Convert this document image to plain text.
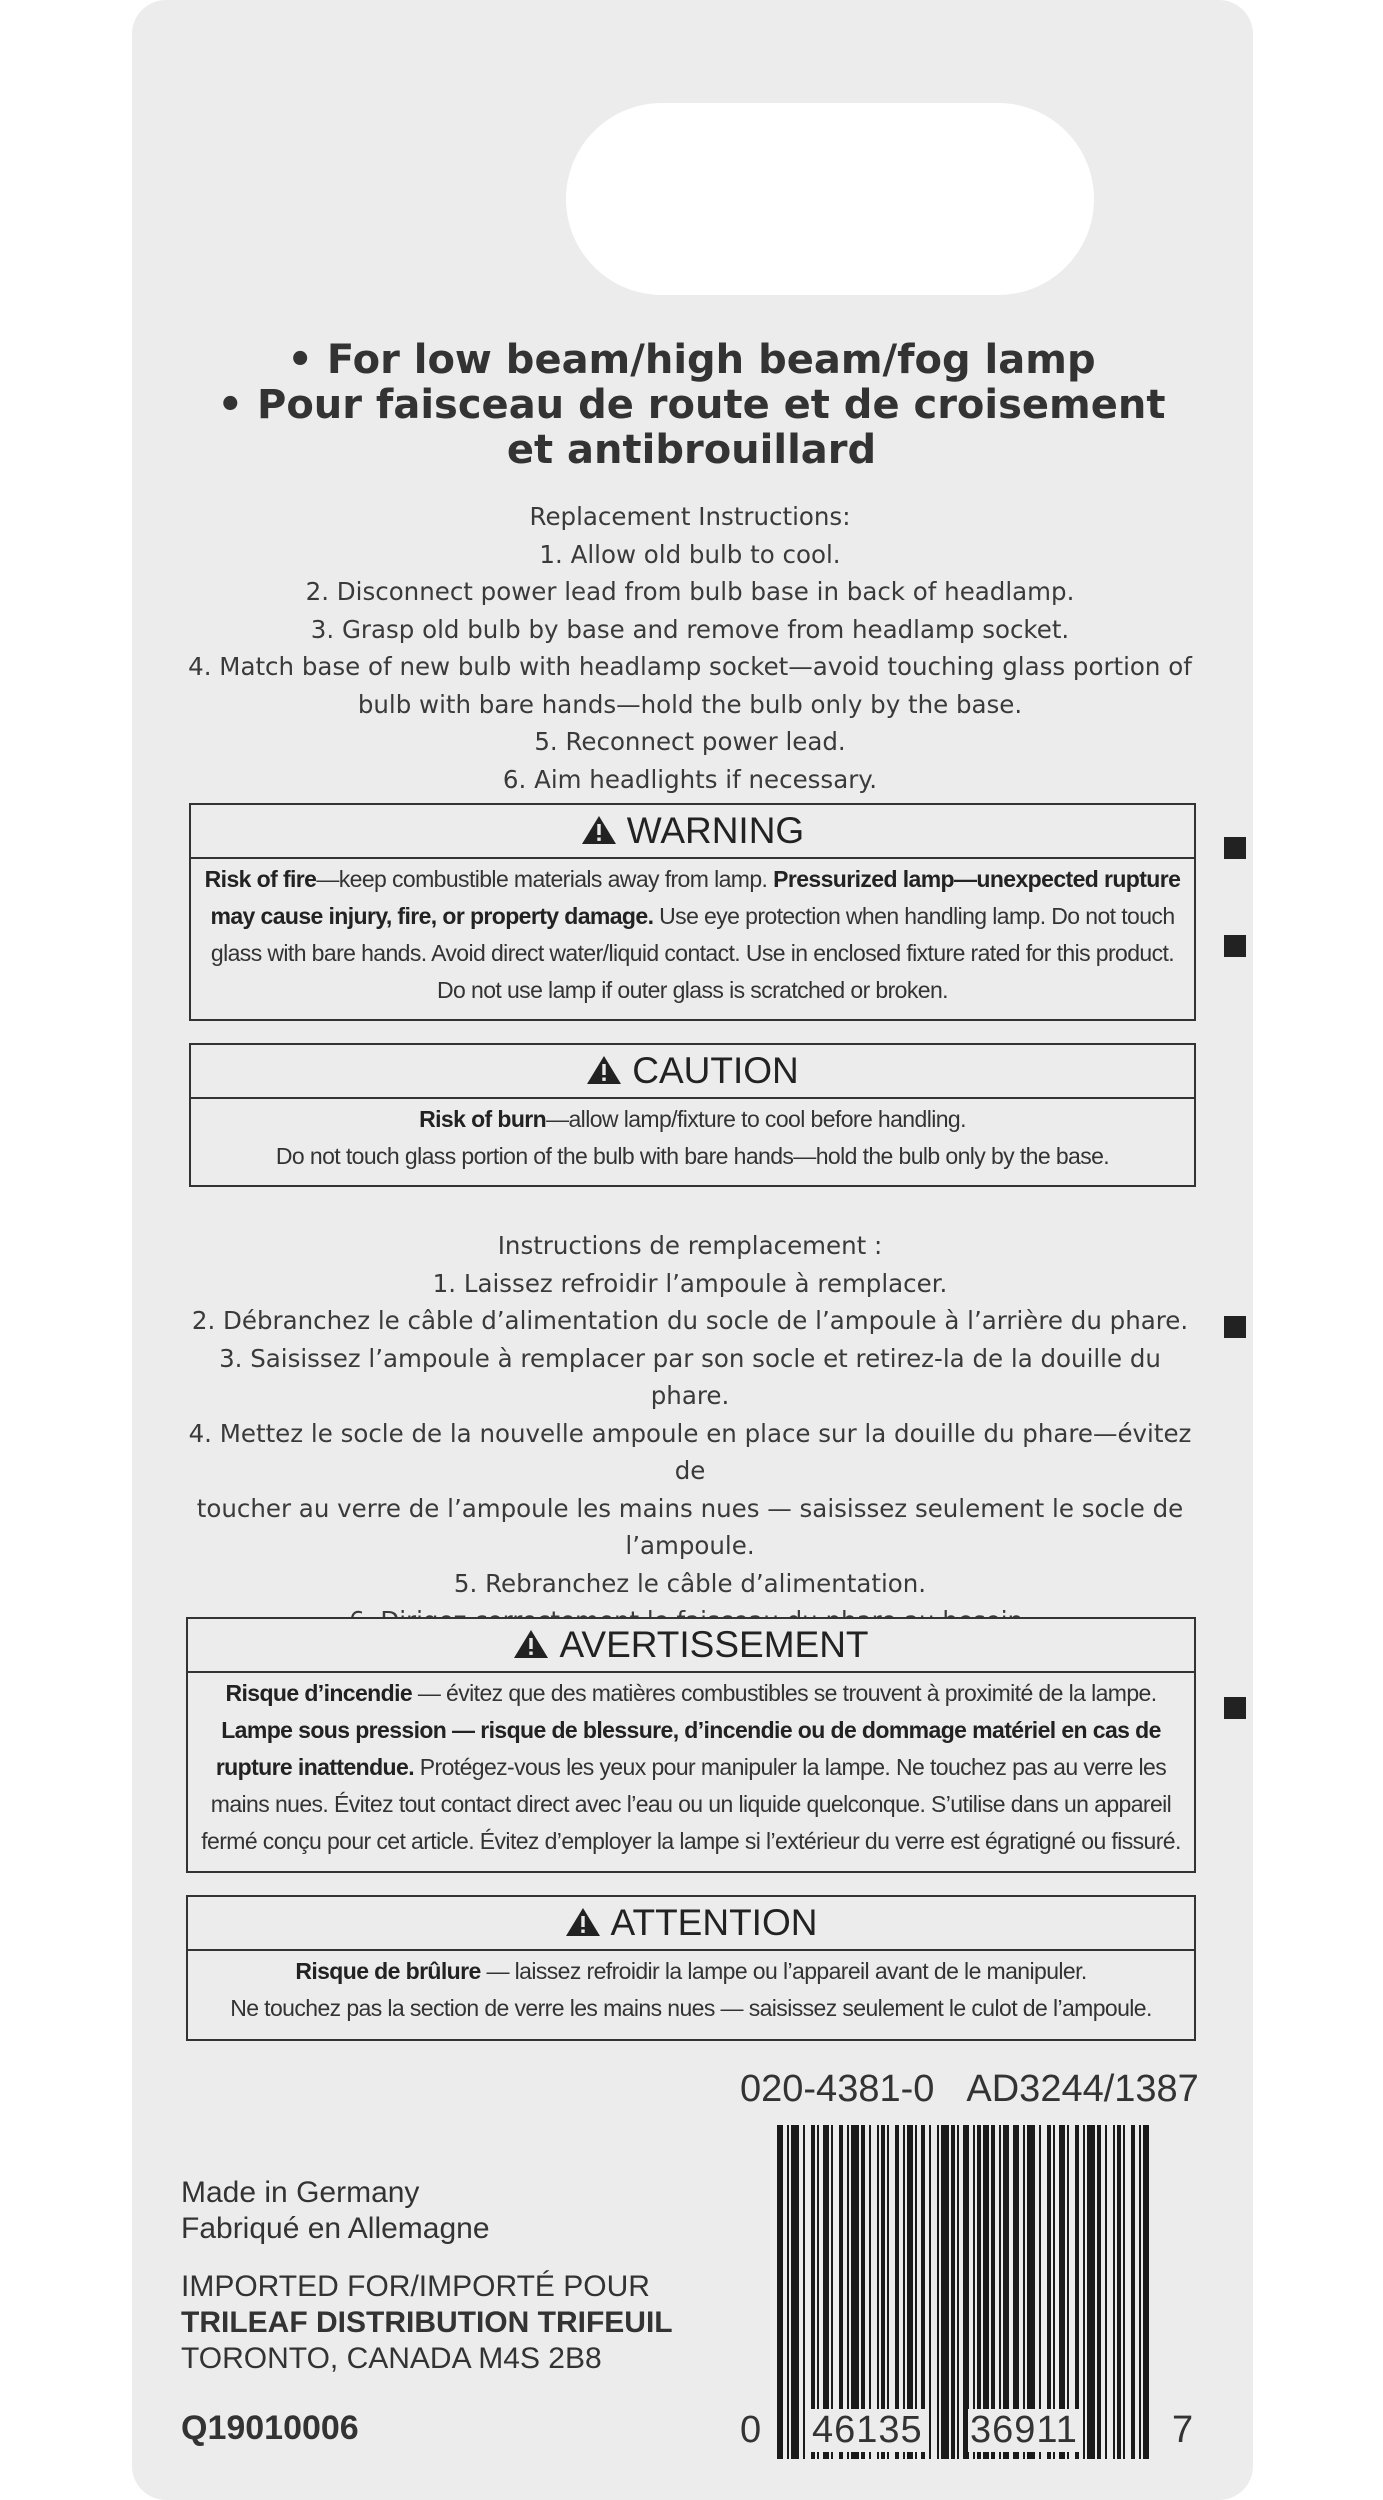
• For low beam/high beam/fog lamp

• Pour faisceau de route et de croisement

et antibrouillard

Replacement Instructions:

1. Allow old bulb to cool.

2. Disconnect power lead from bulb base in back of headlamp.

3. Grasp old bulb by base and remove from headlamp socket.

4. Match base of new bulb with headlamp socket—avoid touching glass portion of

bulb with bare hands—hold the bulb only by the base.

5. Reconnect power lead.

6. Aim headlights if necessary.

WARNING
Risk of fire—keep combustible materials away from lamp. Pressurized lamp—unexpected rupture may cause injury, fire, or property damage. Use eye protection when handling lamp. Do not touch glass with bare hands. Avoid direct water/liquid contact. Use in enclosed fixture rated for this product. Do not use lamp if outer glass is scratched or broken.
CAUTION

Risk of burn—allow lamp/fixture to cool before handling.

Do not touch glass portion of the bulb with bare hands—hold the bulb only by the base.

Instructions de remplacement :

1. Laissez refroidir l’ampoule à remplacer.

2. Débranchez le câble d’alimentation du socle de l’ampoule à l’arrière du phare.

3. Saisissez l’ampoule à remplacer par son socle et retirez-la de la douille du phare.

4. Mettez le socle de la nouvelle ampoule en place sur la douille du phare—évitez de

toucher au verre de l’ampoule les mains nues — saisissez seulement le socle de l’ampoule.

5. Rebranchez le câble d’alimentation.

AVERTISSEMENT
Risque d’incendie — évitez que des matières combustibles se trouvent à proximité de la lampe. Lampe sous pression — risque de blessure, d’incendie ou de dommage matériel en cas de rupture inattendue. Protégez-vous les yeux pour manipuler la lampe. Ne touchez pas au verre les mains nues. Évitez tout contact direct avec l’eau ou un liquide quelconque. S’utilise dans un appareil fermé conçu pour cet article. Évitez d’employer la lampe si l’extérieur du verre est égratigné ou fissuré.
ATTENTION

Risque de brûlure — laissez refroidir la lampe ou l’appareil avant de le manipuler.

Ne touchez pas la section de verre les mains nues — saisissez seulement le culot de l’ampoule.

020-4381-0 AD3244/1387
0 46135 36911 7

Made in Germany

Fabriqué en Allemagne

IMPORTED FOR/IMPORTÉ POUR

TRILEAF DISTRIBUTION TRIFEUIL

TORONTO, CANADA M4S 2B8

Q19010006
